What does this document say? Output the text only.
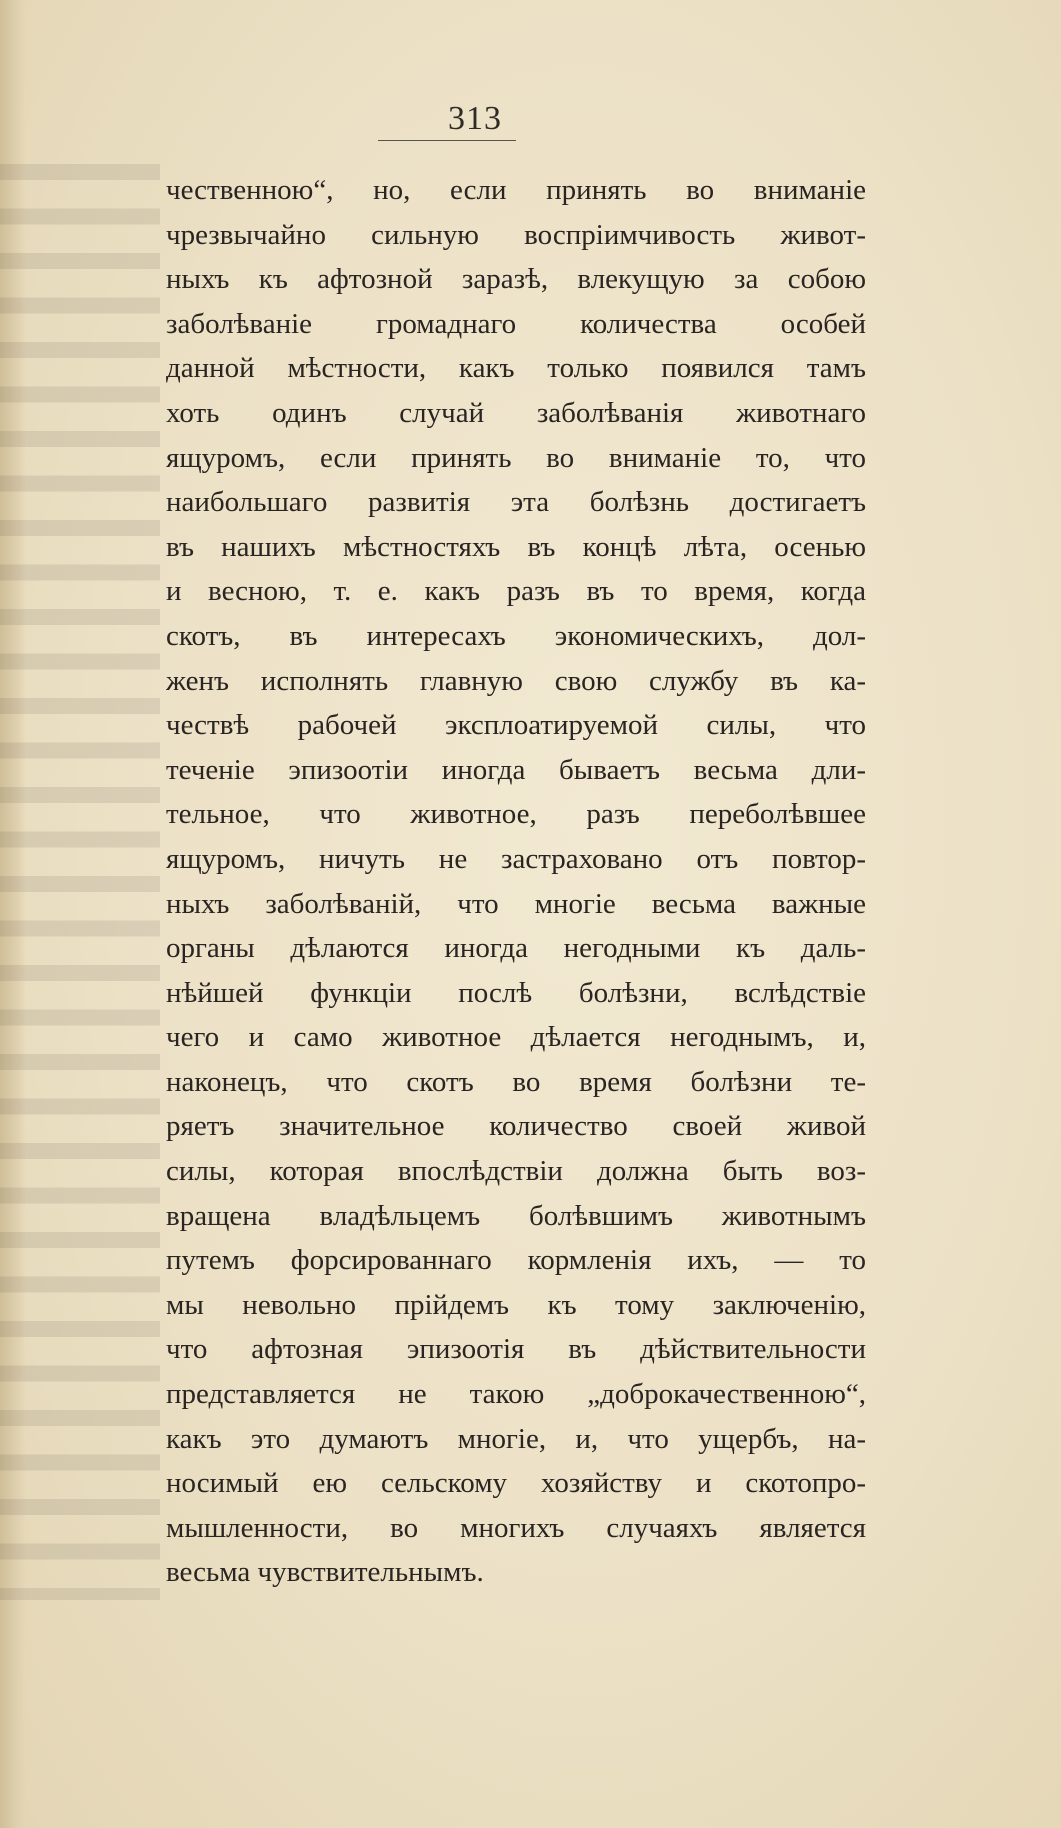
313
чественною“, но, если принять во вниманіе
чрезвычайно сильную воспріимчивость живот-
ныхъ къ афтозной заразѣ, влекущую за собою
заболѣваніе громаднаго количества особей
данной мѣстности, какъ только появился тамъ
хоть одинъ случай заболѣванія животнаго
ящуромъ, если принять во вниманіе то, что
наибольшаго развитія эта болѣзнь достигаетъ
въ нашихъ мѣстностяхъ въ концѣ лѣта, осенью
и весною, т. е. какъ разъ въ то время, когда
скотъ, въ интересахъ экономическихъ, дол-
женъ исполнять главную свою службу въ ка-
чествѣ рабочей эксплоатируемой силы, что
теченіе эпизоотіи иногда бываетъ весьма дли-
тельное, что животное, разъ переболѣвшее
ящуромъ, ничуть не застраховано отъ повтор-
ныхъ заболѣваній, что многіе весьма важные
органы дѣлаются иногда негодными къ даль-
нѣйшей функціи послѣ болѣзни, вслѣдствіе
чего и само животное дѣлается негоднымъ, и,
наконецъ, что скотъ во время болѣзни те-
ряетъ значительное количество своей живой
силы, которая впослѣдствіи должна быть воз-
вращена владѣльцемъ болѣвшимъ животнымъ
путемъ форсированнаго кормленія ихъ, — то
мы невольно прійдемъ къ тому заключенію,
что афтозная эпизоотія въ дѣйствительности
представляется не такою „доброкачественною“,
какъ это думаютъ многіе, и, что ущербъ, на-
носимый ею сельскому хозяйству и скотопро-
мышленности, во многихъ случаяхъ является
весьма чувствительнымъ.
